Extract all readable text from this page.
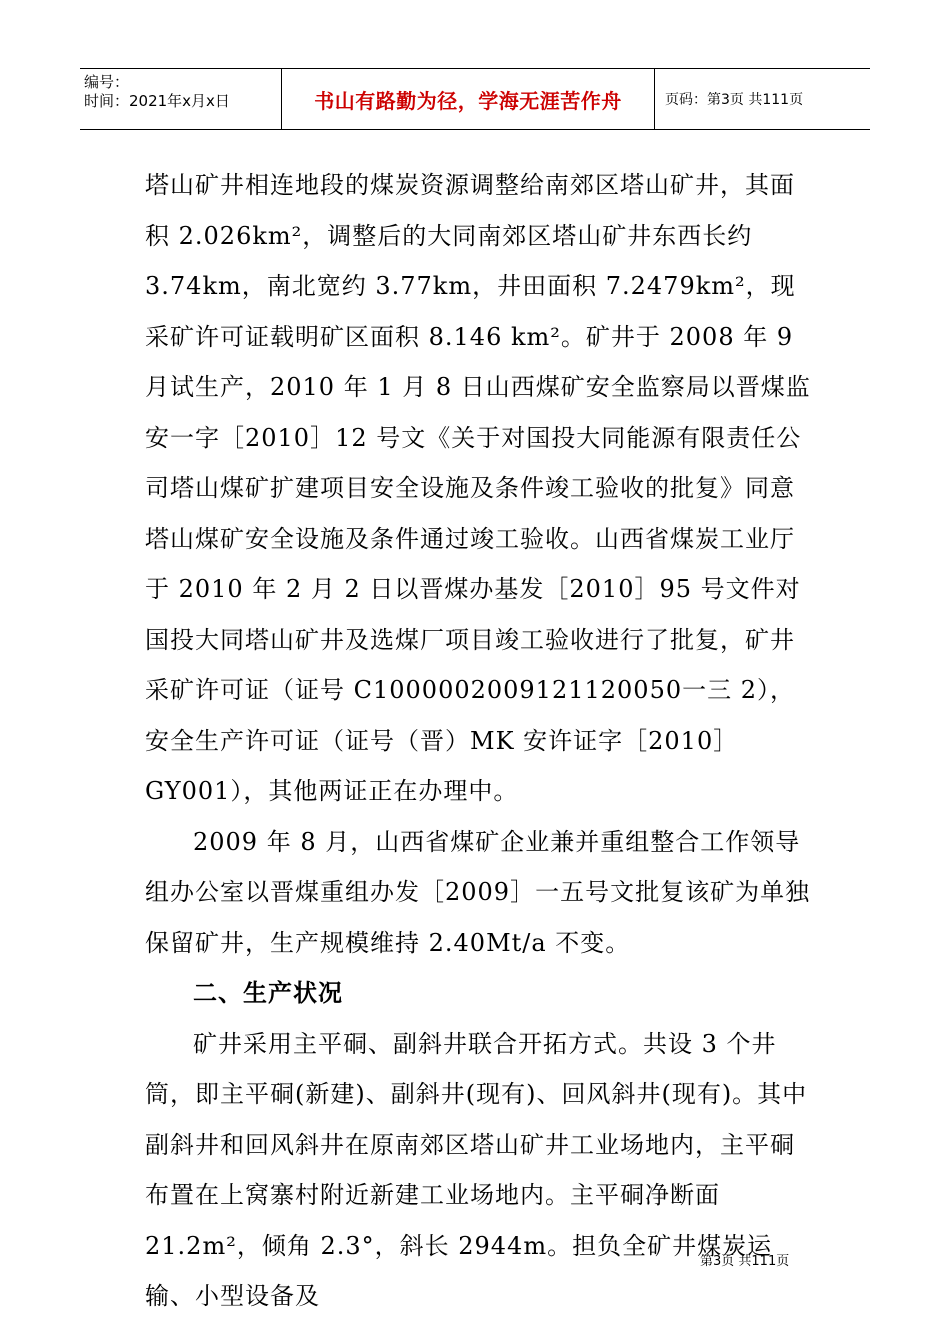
编号：
时间：2021年x月x日	书山有路勤为径，学海无涯苦作舟	页码：第3页 共111页

塔山矿井相连地段的煤炭资源调整给南郊区塔山矿井，其面积 2.026km²，调整后的大同南郊区塔山矿井东西长约 3.74km，南北宽约 3.77km，井田面积 7.2479km²，现采矿许可证载明矿区面积 8.146 km²。矿井于 2008 年 9 月试生产，2010 年 1 月 8 日山西煤矿安全监察局以晋煤监安一字［2010］12 号文《关于对国投大同能源有限责任公司塔山煤矿扩建项目安全设施及条件竣工验收的批复》同意塔山煤矿安全设施及条件通过竣工验收。山西省煤炭工业厅于 2010 年 2 月 2 日以晋煤办基发［2010］95 号文件对国投大同塔山矿井及选煤厂项目竣工验收进行了批复，矿井采矿许可证（证号 C1000002009121120050一三 2），安全生产许可证（证号（晋）MK 安许证字［2010］GY001），其他两证正在办理中。

2009 年 8 月，山西省煤矿企业兼并重组整合工作领导组办公室以晋煤重组办发［2009］一五号文批复该矿为单独保留矿井，生产规模维持 2.40Mt/a 不变。

二、生产状况

矿井采用主平硐、副斜井联合开拓方式。共设 3 个井筒，即主平硐(新建)、副斜井(现有)、回风斜井(现有)。其中副斜井和回风斜井在原南郊区塔山矿井工业场地内，主平硐布置在上窝寨村附近新建工业场地内。主平硐净断面 21.2m²，倾角 2.3°，斜长 2944m。担负全矿井煤炭运输、小型设备及

第3页 共111页
